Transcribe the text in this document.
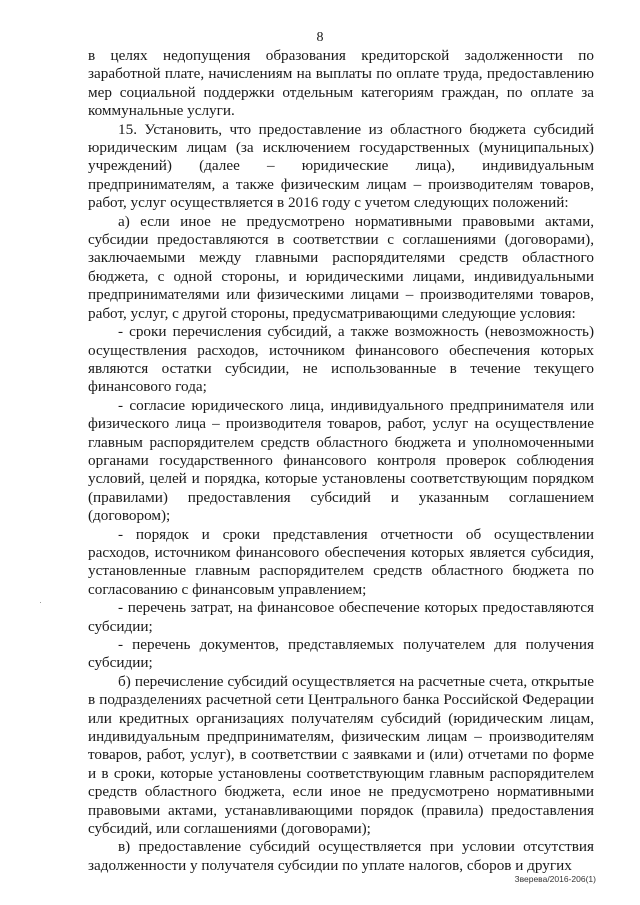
8

в целях недопущения образования кредиторской задолженности по заработной плате, начислениям на выплаты по оплате труда, предоставлению мер социальной поддержки отдельным категориям граждан, по оплате за коммунальные услуги.

15. Установить, что предоставление из областного бюджета субсидий юридическим лицам (за исключением государственных (муниципальных) учреждений) (далее – юридические лица), индивидуальным предпринимателям, а также физическим лицам – производителям товаров, работ, услуг осуществляется в 2016 году с учетом следующих положений:

а) если иное не предусмотрено нормативными правовыми актами, субсидии предоставляются в соответствии с соглашениями (договорами), заключаемыми между главными распорядителями средств областного бюджета, с одной стороны, и юридическими лицами, индивидуальными предпринимателями или физическими лицами – производителями товаров, работ, услуг, с другой стороны, предусматривающими следующие условия:

- сроки перечисления субсидий, а также возможность (невозможность) осуществления расходов, источником финансового обеспечения которых являются остатки субсидии, не использованные в течение текущего финансового года;

- согласие юридического лица, индивидуального предпринимателя или физического лица – производителя товаров, работ, услуг на осуществление главным распорядителем средств областного бюджета и уполномоченными органами государственного финансового контроля проверок соблюдения условий, целей и порядка, которые установлены соответствующим порядком (правилами) предоставления субсидий и указанным соглашением (договором);

- порядок и сроки представления отчетности об осуществлении расходов, источником финансового обеспечения которых является субсидия, установленные главным распорядителем средств областного бюджета по согласованию с финансовым управлением;

- перечень затрат, на финансовое обеспечение которых предоставляются субсидии;

- перечень документов, представляемых получателем для получения субсидии;

б) перечисление субсидий осуществляется на расчетные счета, открытые в подразделениях расчетной сети Центрального банка Российской Федерации или кредитных организациях получателям субсидий (юридическим лицам, индивидуальным предпринимателям, физическим лицам – производителям товаров, работ, услуг), в соответствии с заявками и (или) отчетами по форме и в сроки, которые установлены соответствующим главным распорядителем средств областного бюджета, если иное не предусмотрено нормативными правовыми актами, устанавливающими порядок (правила) предоставления субсидий, или соглашениями (договорами);

в) предоставление субсидий осуществляется при условии отсутствия задолженности у получателя субсидии по уплате налогов, сборов и других

Зверева/2016-206(1)
